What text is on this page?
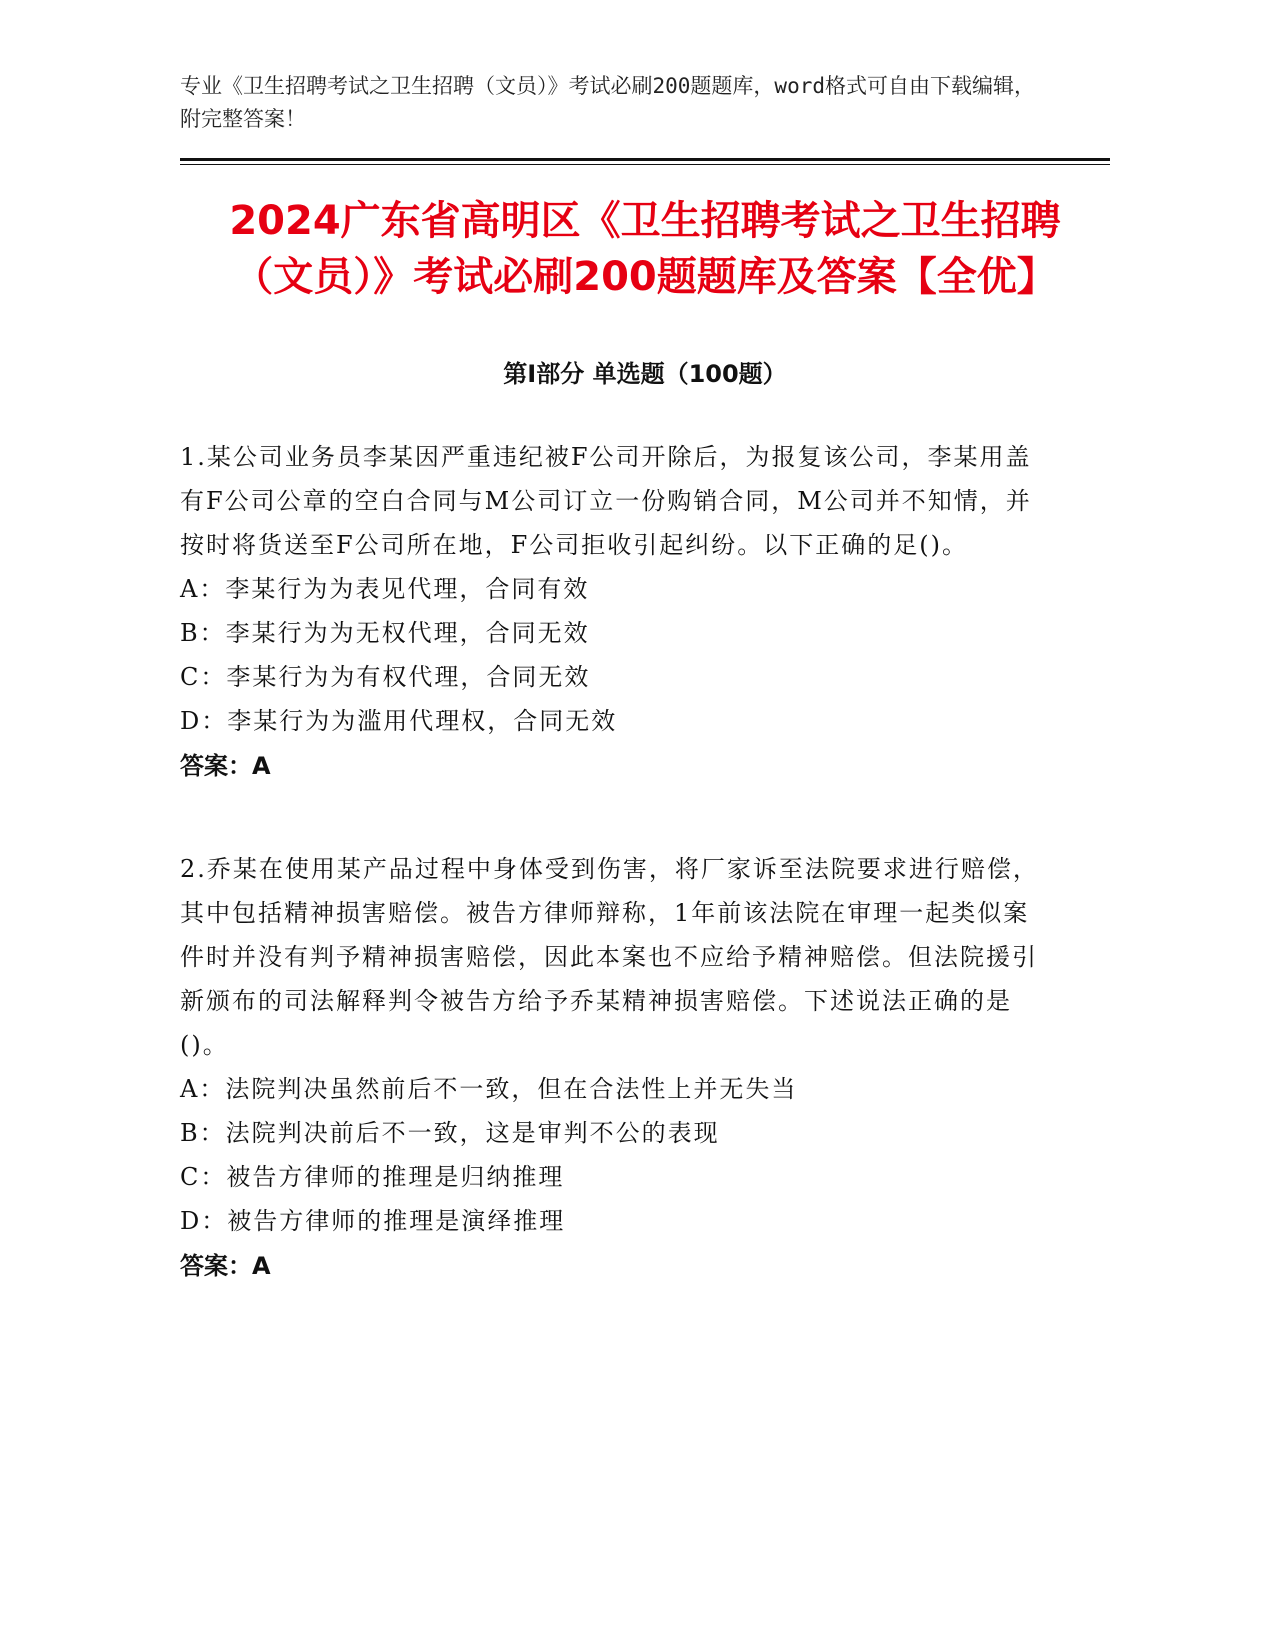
专业《卫生招聘考试之卫生招聘（文员）》考试必刷200题题库，word格式可自由下载编辑，附完整答案！
2024广东省高明区《卫生招聘考试之卫生招聘（文员）》考试必刷200题题库及答案【全优】
第Ⅰ部分 单选题（100题）
1.某公司业务员李某因严重违纪被F公司开除后，为报复该公司，李某用盖有F公司公章的空白合同与M公司订立一份购销合同，M公司并不知情，并按时将货送至F公司所在地，F公司拒收引起纠纷。以下正确的足()。
A：李某行为为表见代理，合同有效
B：李某行为为无权代理，合同无效
C：李某行为为有权代理，合同无效
D：李某行为为滥用代理权，合同无效
答案：A
2.乔某在使用某产品过程中身体受到伤害，将厂家诉至法院要求进行赔偿，其中包括精神损害赔偿。被告方律师辩称，1年前该法院在审理一起类似案件时并没有判予精神损害赔偿，因此本案也不应给予精神赔偿。但法院援引新颁布的司法解释判令被告方给予乔某精神损害赔偿。下述说法正确的是()。
A：法院判决虽然前后不一致，但在合法性上并无失当
B：法院判决前后不一致，这是审判不公的表现
C：被告方律师的推理是归纳推理
D：被告方律师的推理是演绎推理
答案：A
